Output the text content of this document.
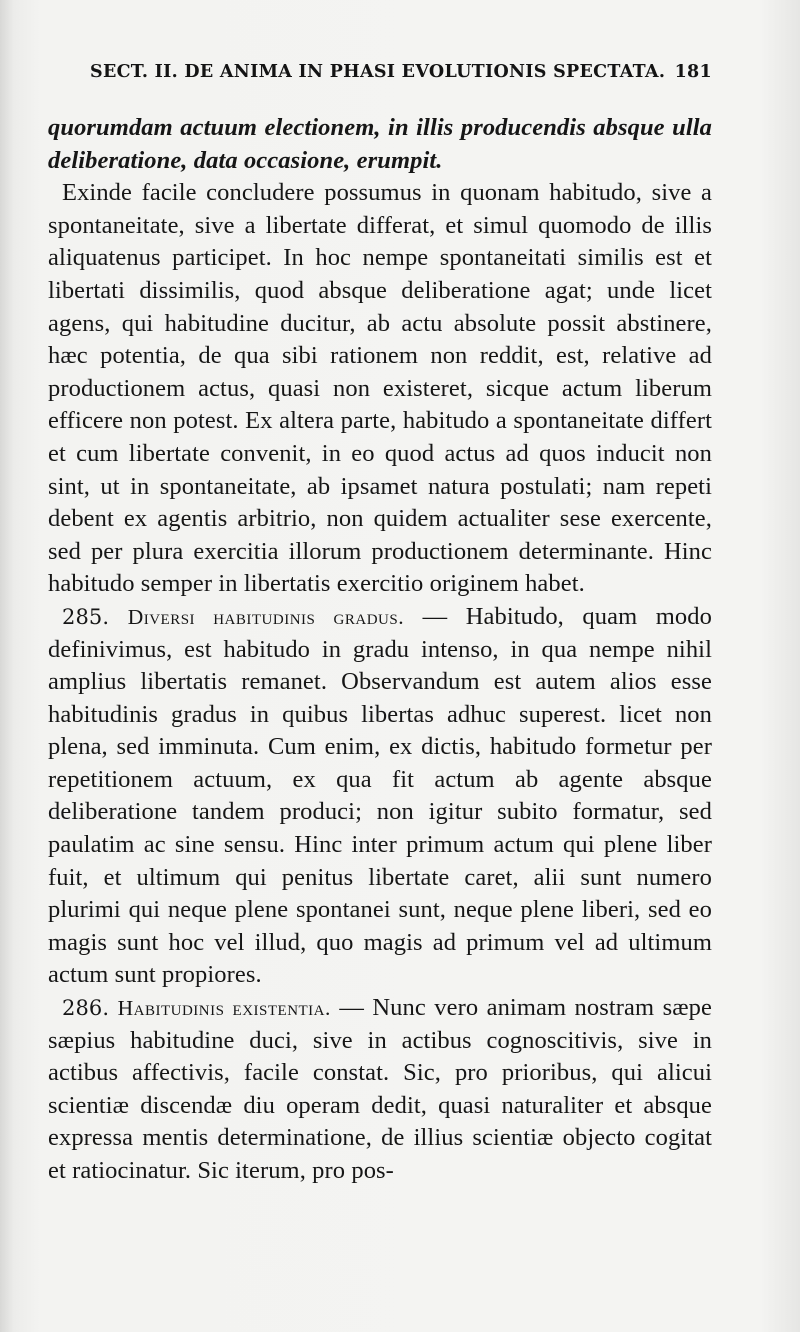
SECT. II. DE ANIMA IN PHASI EVOLUTIONIS SPECTATA. 181

quorumdam actuum electionem, in illis producendis absque ulla deliberatione, data occasione, erumpit.

Exinde facile concludere possumus in quonam habitudo, sive a spontaneitate, sive a libertate differat, et simul quomodo de illis aliquatenus participet. In hoc nempe spontaneitati similis est et libertati dissimilis, quod absque deliberatione agat; unde licet agens, qui habitudine ducitur, ab actu absolute possit abstinere, hæc potentia, de qua sibi rationem non reddit, est, relative ad productionem actus, quasi non existeret, sicque actum liberum efficere non potest. Ex altera parte, habitudo a spontaneitate differt et cum libertate convenit, in eo quod actus ad quos inducit non sint, ut in spontaneitate, ab ipsamet natura postulati; nam repeti debent ex agentis arbitrio, non quidem actualiter sese exercente, sed per plura exercitia illorum productionem determinante. Hinc habitudo semper in libertatis exercitio originem habet.

285. Diversi habitudinis gradus. — Habitudo, quam modo definivimus, est habitudo in gradu intenso, in qua nempe nihil amplius libertatis remanet. Observandum est autem alios esse habitudinis gradus in quibus libertas adhuc superest. licet non plena, sed imminuta. Cum enim, ex dictis, habitudo formetur per repetitionem actuum, ex qua fit actum ab agente absque deliberatione tandem produci; non igitur subito formatur, sed paulatim ac sine sensu. Hinc inter primum actum qui plene liber fuit, et ultimum qui penitus libertate caret, alii sunt numero plurimi qui neque plene spontanei sunt, neque plene liberi, sed eo magis sunt hoc vel illud, quo magis ad primum vel ad ultimum actum sunt propiores.

286. Habitudinis existentia. — Nunc vero animam nostram sæpe sæpius habitudine duci, sive in actibus cognoscitivis, sive in actibus affectivis, facile constat. Sic, pro prioribus, qui alicui scientiæ discendæ diu operam dedit, quasi naturaliter et absque expressa mentis determinatione, de illius scientiæ objecto cogitat et ratiocinatur. Sic iterum, pro pos-
